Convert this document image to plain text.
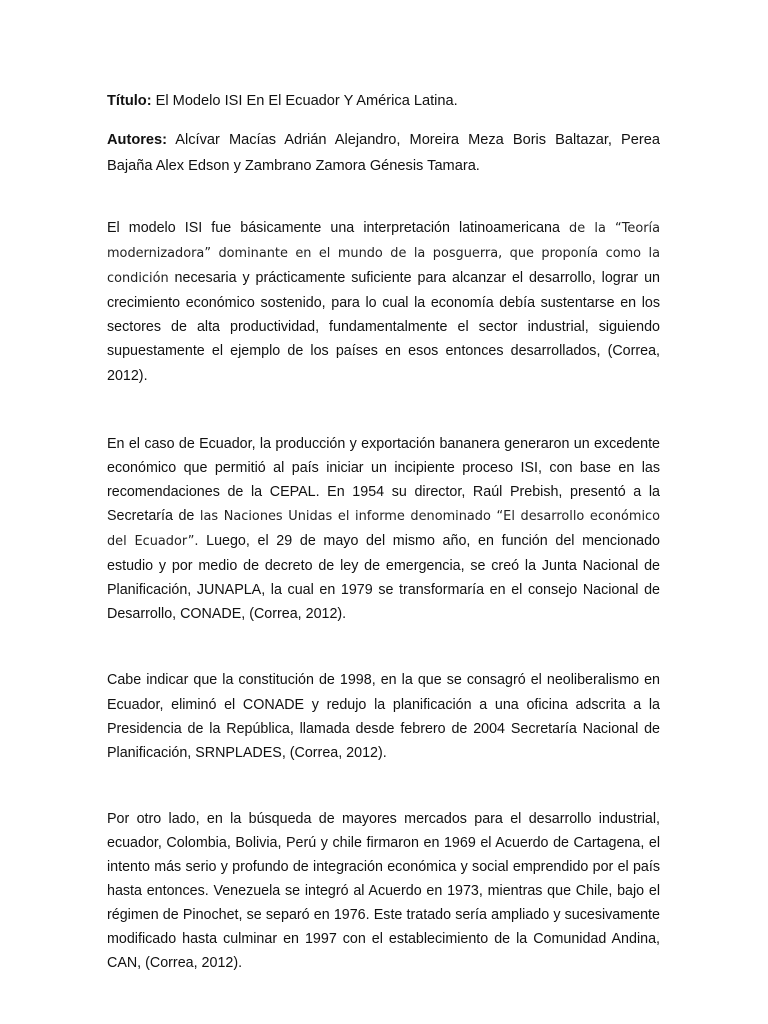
Título: El Modelo ISI En El Ecuador Y América Latina.

Autores: Alcívar Macías Adrián Alejandro, Moreira Meza Boris Baltazar, Perea Bajaña Alex Edson y Zambrano Zamora Génesis Tamara.

El modelo ISI fue básicamente una interpretación latinoamericana de la “Teoría modernizadora” dominante en el mundo de la posguerra, que proponía como la condición necesaria y prácticamente suficiente para alcanzar el desarrollo, lograr un crecimiento económico sostenido, para lo cual la economía debía sustentarse en los sectores de alta productividad, fundamentalmente el sector industrial, siguiendo supuestamente el ejemplo de los países en esos entonces desarrollados, (Correa, 2012).

En el caso de Ecuador, la producción y exportación bananera generaron un excedente económico que permitió al país iniciar un incipiente proceso ISI, con base en las recomendaciones de la CEPAL. En 1954 su director, Raúl Prebish, presentó a la Secretaría de las Naciones Unidas el informe denominado “El desarrollo económico del Ecuador”. Luego, el 29 de mayo del mismo año, en función del mencionado estudio y por medio de decreto de ley de emergencia, se creó la Junta Nacional de Planificación, JUNAPLA, la cual en 1979 se transformaría en el consejo Nacional de Desarrollo, CONADE, (Correa, 2012).

Cabe indicar que la constitución de 1998, en la que se consagró el neoliberalismo en Ecuador, eliminó el CONADE y redujo la planificación a una oficina adscrita a la Presidencia de la República, llamada desde febrero de 2004 Secretaría Nacional de Planificación, SRNPLADES, (Correa, 2012).

Por otro lado, en la búsqueda de mayores mercados para el desarrollo industrial, ecuador, Colombia, Bolivia, Perú y chile firmaron en 1969 el Acuerdo de Cartagena, el intento más serio y profundo de integración económica y social emprendido por el país hasta entonces. Venezuela se integró al Acuerdo en 1973, mientras que Chile, bajo el régimen de Pinochet, se separó en 1976. Este tratado sería ampliado y sucesivamente modificado hasta culminar en 1997 con el establecimiento de la Comunidad Andina, CAN, (Correa, 2012).
